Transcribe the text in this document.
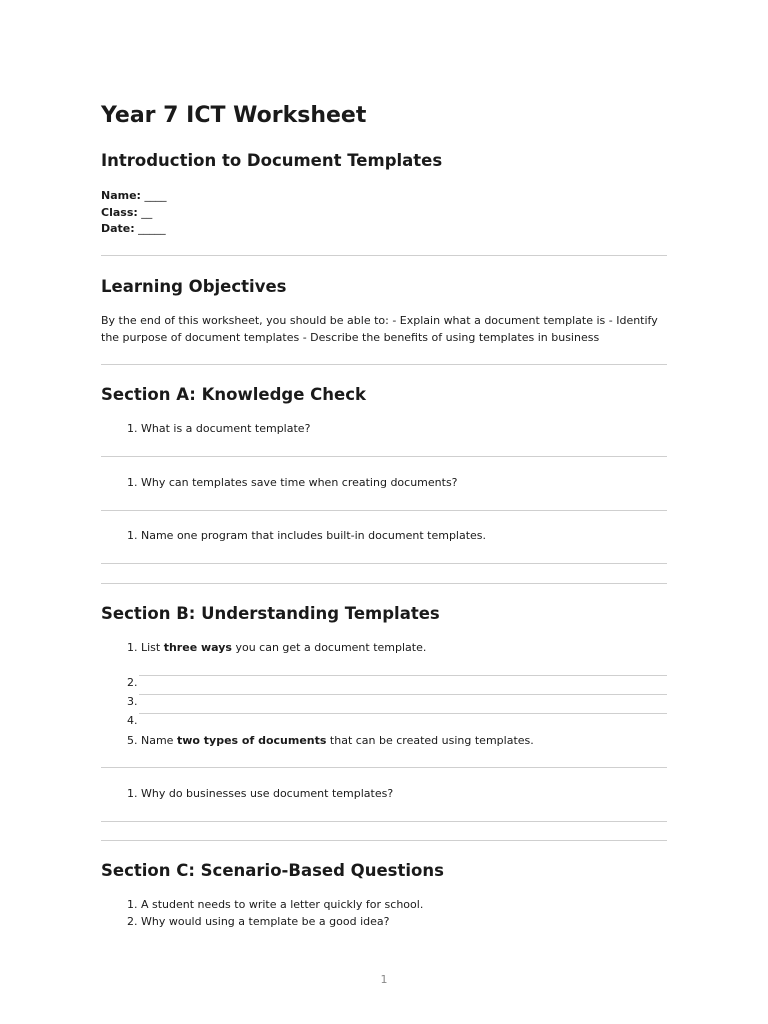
Year 7 ICT Worksheet
Introduction to Document Templates
Name: ____
Class: __
Date: _____
Learning Objectives
By the end of this worksheet, you should be able to: - Explain what a document template is - Identify the purpose of document templates - Describe the benefits of using templates in business
Section A: Knowledge Check
1. What is a document template?
1. Why can templates save time when creating documents?
1. Name one program that includes built-in document templates.
Section B: Understanding Templates
1. List three ways you can get a document template.
2.
3.
4.
5. Name two types of documents that can be created using templates.
1. Why do businesses use document templates?
Section C: Scenario-Based Questions
1. A student needs to write a letter quickly for school.
2. Why would using a template be a good idea?
1
